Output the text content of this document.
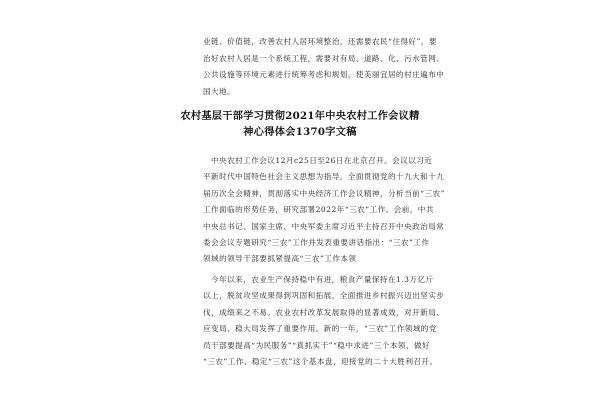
业链、价值链，改善农村人居环境整治，还需要农民“住得好”，要
治好农村人居是一个系统工程，需要对有局、道路、化、污水管网、
公共设施等环境元素进行统筹考虑和规划，使美丽宜居的村庄遍布中
国大地。
农村基层干部学习贯彻2021年中央农村工作会议精
神心得体会1370字文稿
中央农村工作会议12月c25日至26日在北京召开。会议以习近
平新时代中国特色社会主义思想为指导，全面贯彻党的十九大和十九
届历次全会精神，贯彻落实中央经济工作会议精神，分析当前“三农”
工作面临的形势任务，研究部署2022年“三农”工作。会前，中共
中央总书记、国家主席、中央军委主席习近平主持召开中央政治局常
委会会议专题研究“三农”工作并发表重要讲话指出：“三农”工作
领域的领导干部要抓紧提高“三农”工作本领
今年以来，农业生产保持稳中有进，粮食产量保持在1.3万亿斤
以上，脱贫攻坚成果得到巩固和拓展，全面推进乡村振兴迈出坚实步
伐，成绩来之不易。农业农村改革发展取得的显著成效，对开新局、
应变局、稳大局发挥了重要作用。新的一年，“三农”工作领域的党
员干部要提高“为民服务”“真抓实干”“稳中求进”三个本领，做好
“三农”工作、稳定“三农”这个基本盘，迎接党的二十大胜利召开。
